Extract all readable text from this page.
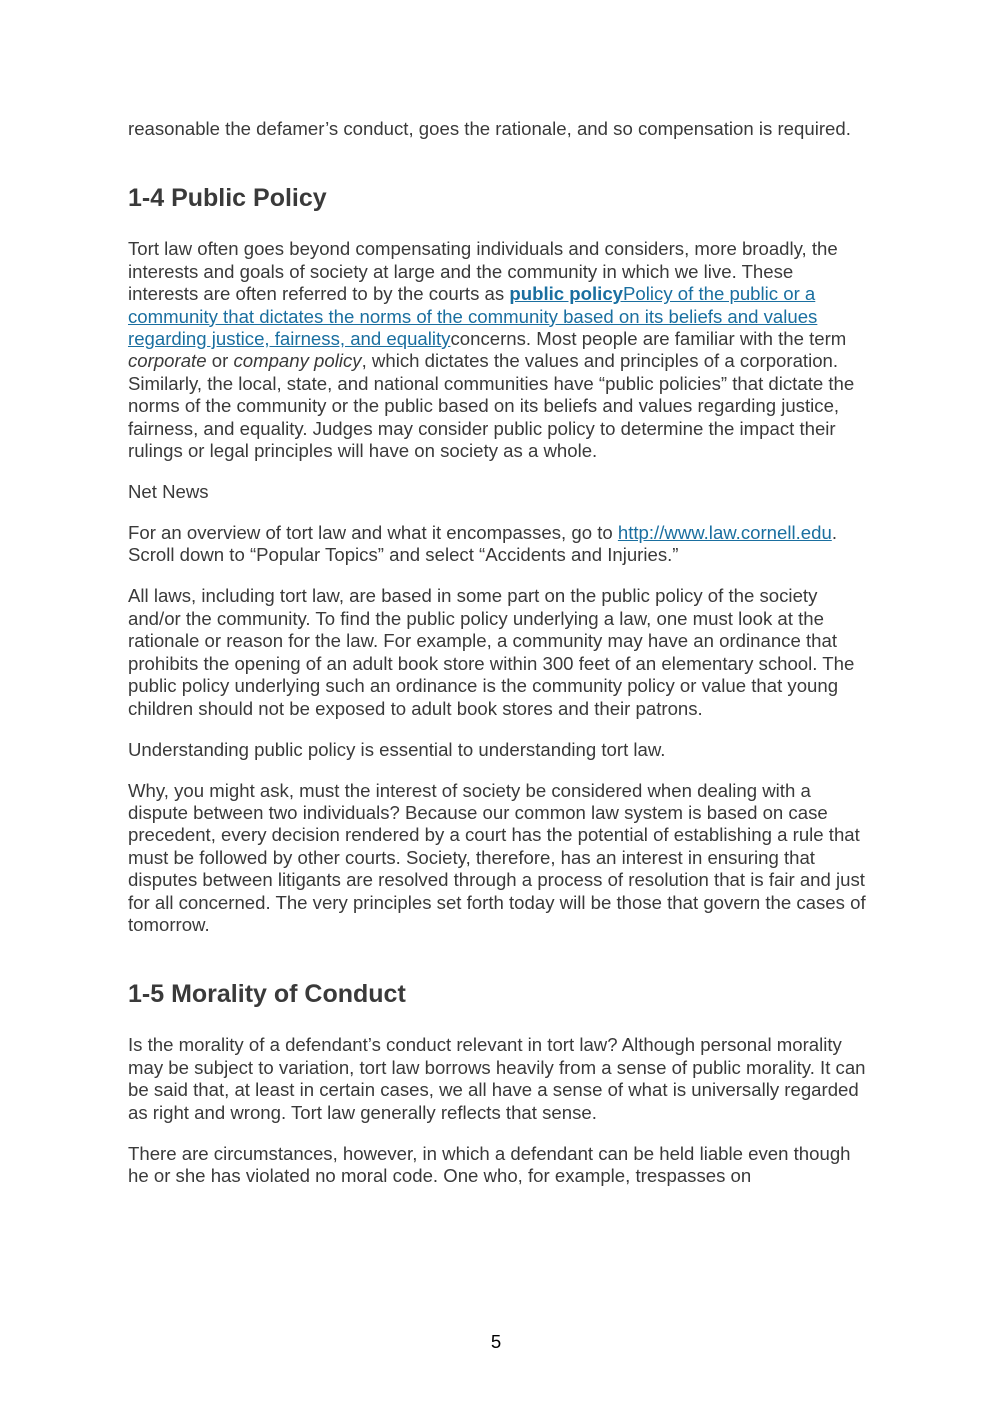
reasonable the defamer’s conduct, goes the rationale, and so compensation is required.

1-4 Public Policy

Tort law often goes beyond compensating individuals and considers, more broadly, the interests and goals of society at large and the community in which we live. These interests are often referred to by the courts as public policyPolicy of the public or a community that dictates the norms of the community based on its beliefs and values regarding justice, fairness, and equalityconcerns. Most people are familiar with the term corporate or company policy, which dictates the values and principles of a corporation. Similarly, the local, state, and national communities have “public policies” that dictate the norms of the community or the public based on its beliefs and values regarding justice, fairness, and equality. Judges may consider public policy to determine the impact their rulings or legal principles will have on society as a whole.

Net News

For an overview of tort law and what it encompasses, go to http://www.law.cornell.edu. Scroll down to “Popular Topics” and select “Accidents and Injuries.”

All laws, including tort law, are based in some part on the public policy of the society and/or the community. To find the public policy underlying a law, one must look at the rationale or reason for the law. For example, a community may have an ordinance that prohibits the opening of an adult book store within 300 feet of an elementary school. The public policy underlying such an ordinance is the community policy or value that young children should not be exposed to adult book stores and their patrons.

Understanding public policy is essential to understanding tort law.

Why, you might ask, must the interest of society be considered when dealing with a dispute between two individuals? Because our common law system is based on case precedent, every decision rendered by a court has the potential of establishing a rule that must be followed by other courts. Society, therefore, has an interest in ensuring that disputes between litigants are resolved through a process of resolution that is fair and just for all concerned. The very principles set forth today will be those that govern the cases of tomorrow.

1-5 Morality of Conduct

Is the morality of a defendant’s conduct relevant in tort law? Although personal morality may be subject to variation, tort law borrows heavily from a sense of public morality. It can be said that, at least in certain cases, we all have a sense of what is universally regarded as right and wrong. Tort law generally reflects that sense.

There are circumstances, however, in which a defendant can be held liable even though he or she has violated no moral code. One who, for example, trespasses on

5
